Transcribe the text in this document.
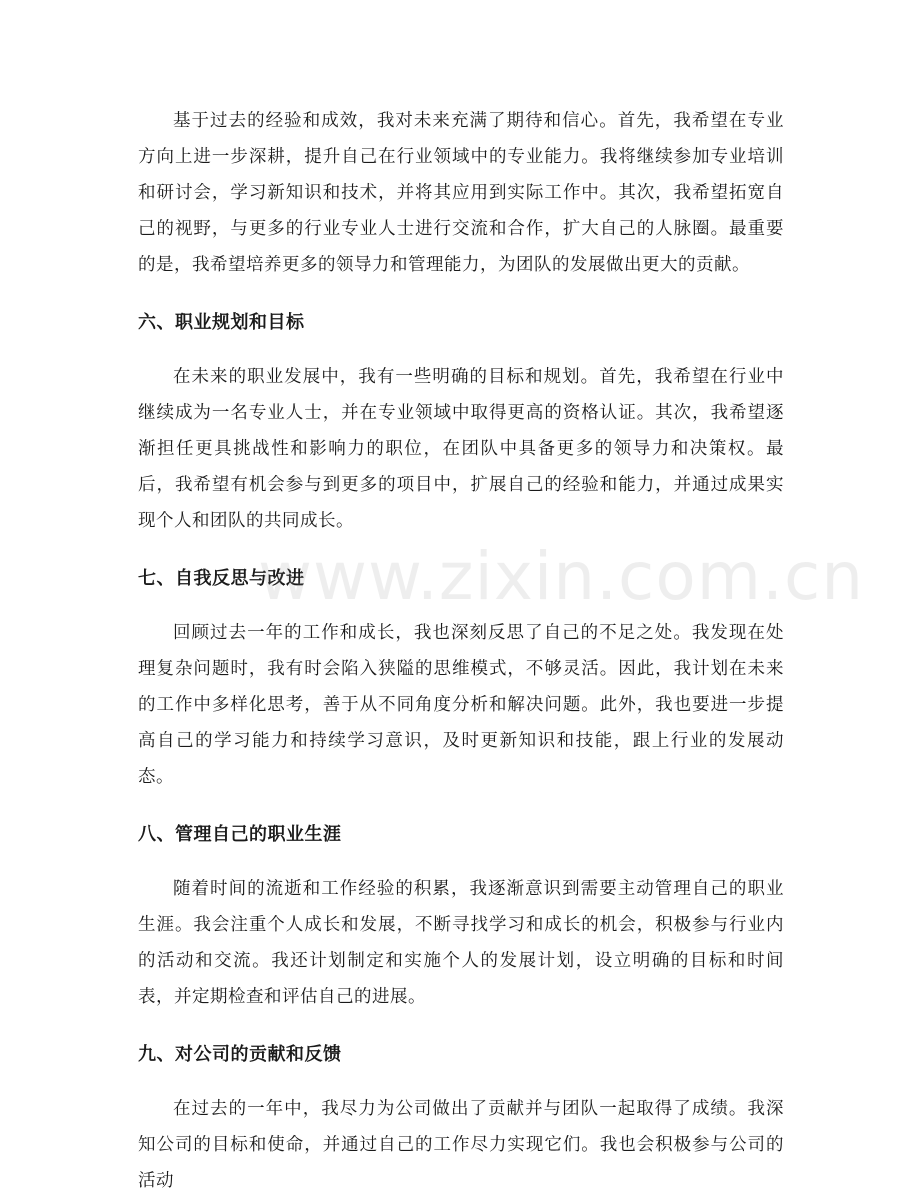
基于过去的经验和成效，我对未来充满了期待和信心。首先，我希望在专业方向上进一步深耕，提升自己在行业领域中的专业能力。我将继续参加专业培训和研讨会，学习新知识和技术，并将其应用到实际工作中。其次，我希望拓宽自己的视野，与更多的行业专业人士进行交流和合作，扩大自己的人脉圈。最重要的是，我希望培养更多的领导力和管理能力，为团队的发展做出更大的贡献。

六、职业规划和目标

在未来的职业发展中，我有一些明确的目标和规划。首先，我希望在行业中继续成为一名专业人士，并在专业领域中取得更高的资格认证。其次，我希望逐渐担任更具挑战性和影响力的职位，在团队中具备更多的领导力和决策权。最后，我希望有机会参与到更多的项目中，扩展自己的经验和能力，并通过成果实现个人和团队的共同成长。

七、自我反思与改进

回顾过去一年的工作和成长，我也深刻反思了自己的不足之处。我发现在处理复杂问题时，我有时会陷入狭隘的思维模式，不够灵活。因此，我计划在未来的工作中多样化思考，善于从不同角度分析和解决问题。此外，我也要进一步提高自己的学习能力和持续学习意识，及时更新知识和技能，跟上行业的发展动态。

八、管理自己的职业生涯

随着时间的流逝和工作经验的积累，我逐渐意识到需要主动管理自己的职业生涯。我会注重个人成长和发展，不断寻找学习和成长的机会，积极参与行业内的活动和交流。我还计划制定和实施个人的发展计划，设立明确的目标和时间表，并定期检查和评估自己的进展。

九、对公司的贡献和反馈

在过去的一年中，我尽力为公司做出了贡献并与团队一起取得了成绩。我深知公司的目标和使命，并通过自己的工作尽力实现它们。我也会积极参与公司的活动

www.zixin.com.cn
